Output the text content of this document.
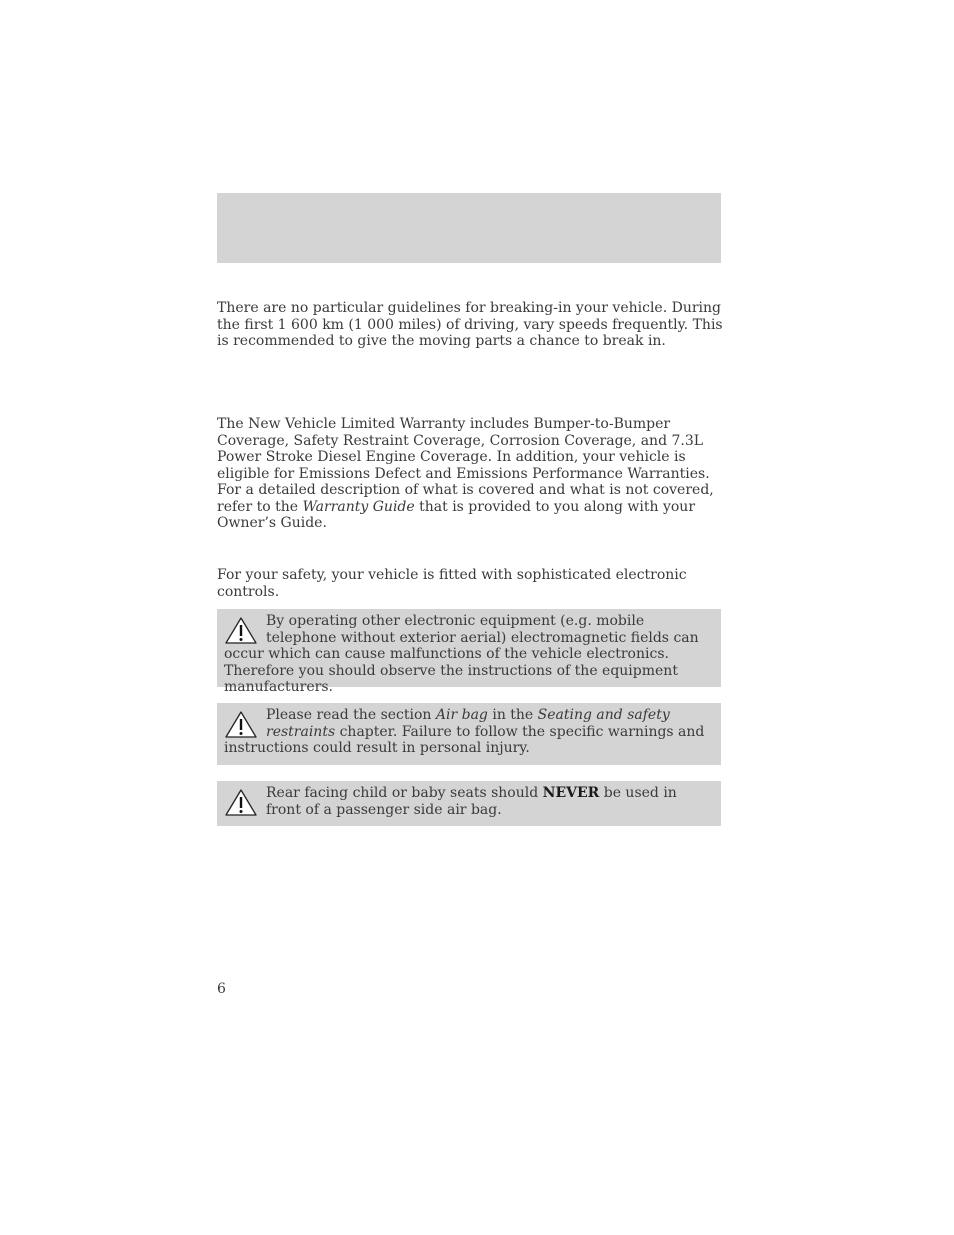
There are no particular guidelines for breaking-in your vehicle. During the first 1 600 km (1 000 miles) of driving, vary speeds frequently. This is recommended to give the moving parts a chance to break in.

The New Vehicle Limited Warranty includes Bumper-to-Bumper Coverage, Safety Restraint Coverage, Corrosion Coverage, and 7.3L Power Stroke Diesel Engine Coverage. In addition, your vehicle is eligible for Emissions Defect and Emissions Performance Warranties. For a detailed description of what is covered and what is not covered, refer to the Warranty Guide that is provided to you along with your Owner’s Guide.

For your safety, your vehicle is fitted with sophisticated electronic controls.

By operating other electronic equipment (e.g. mobile telephone without exterior aerial) electromagnetic fields can occur which can cause malfunctions of the vehicle electronics. Therefore you should observe the instructions of the equipment manufacturers.
Please read the section Air bag in the Seating and safety restraints chapter. Failure to follow the specific warnings and instructions could result in personal injury.
Rear facing child or baby seats should NEVER be used in front of a passenger side air bag.
6
